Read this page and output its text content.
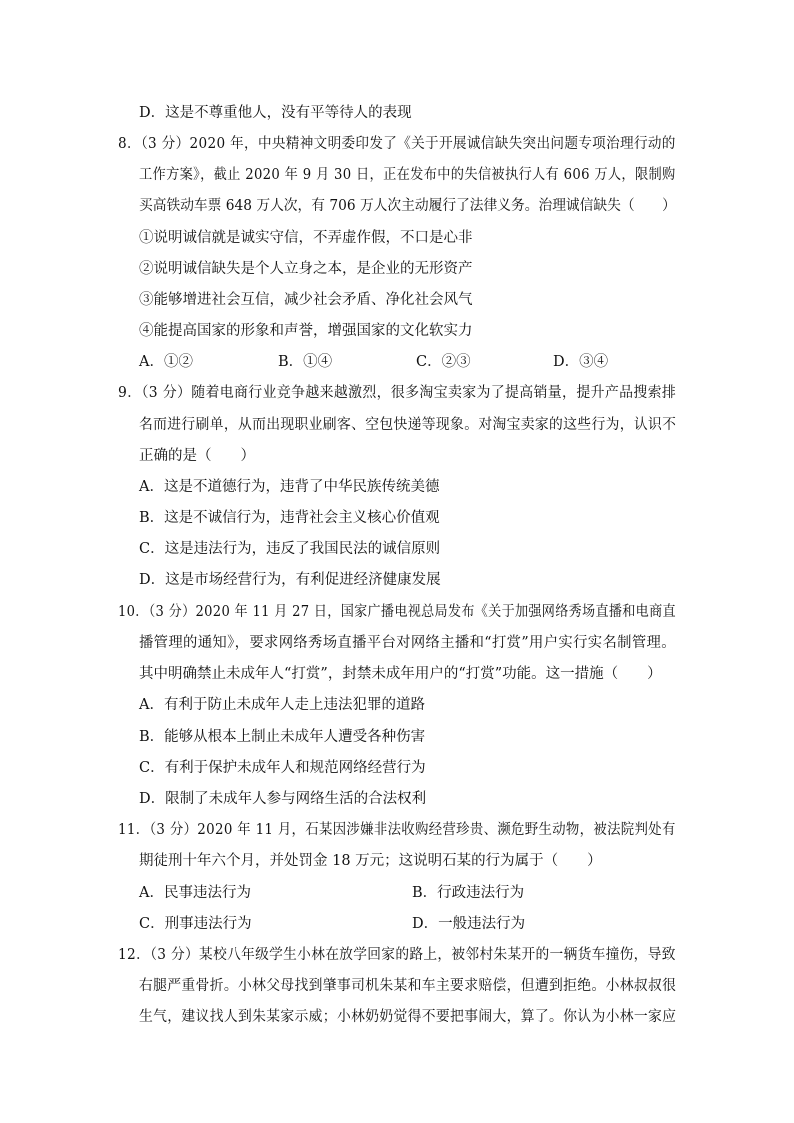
D．这是不尊重他人，没有平等待人的表现
8．（3 分）2020 年，中央精神文明委印发了《关于开展诚信缺失突出问题专项治理行动的
工作方案》，截止 2020 年 9 月 30 日，正在发布中的失信被执行人有 606 万人，限制购
买高铁动车票 648 万人次，有 706 万人次主动履行了法律义务。治理诚信缺失（　　）
①说明诚信就是诚实守信，不弄虚作假，不口是心非
②说明诚信缺失是个人立身之本，是企业的无形资产
③能够增进社会互信，减少社会矛盾、净化社会风气
④能提高国家的形象和声誉，增强国家的文化软实力
A．①②	B．①④	C．②③	D．③④
9．（3 分）随着电商行业竞争越来越激烈，很多淘宝卖家为了提高销量，提升产品搜索排
名而进行刷单，从而出现职业刷客、空包快递等现象。对淘宝卖家的这些行为，认识不
正确的是（　　）
A．这是不道德行为，违背了中华民族传统美德
B．这是不诚信行为，违背社会主义核心价值观
C．这是违法行为，违反了我国民法的诚信原则
D．这是市场经营行为，有利促进经济健康发展
10．（3 分）2020 年 11 月 27 日，国家广播电视总局发布《关于加强网络秀场直播和电商直
播管理的通知》，要求网络秀场直播平台对网络主播和“打赏”用户实行实名制管理。
其中明确禁止未成年人“打赏”，封禁未成年用户的“打赏”功能。这一措施（　　）
A．有利于防止未成年人走上违法犯罪的道路
B．能够从根本上制止未成年人遭受各种伤害
C．有利于保护未成年人和规范网络经营行为
D．限制了未成年人参与网络生活的合法权利
11．（3 分）2020 年 11 月，石某因涉嫌非法收购经营珍贵、濒危野生动物，被法院判处有
期徒刑十年六个月，并处罚金 18 万元；这说明石某的行为属于（　　）
A．民事违法行为	B．行政违法行为
C．刑事违法行为	D．一般违法行为
12．（3 分）某校八年级学生小林在放学回家的路上，被邻村朱某开的一辆货车撞伤，导致
右腿严重骨折。小林父母找到肇事司机朱某和车主要求赔偿，但遭到拒绝。小林叔叔很
生气，建议找人到朱某家示威；小林奶奶觉得不要把事闹大，算了。你认为小林一家应
